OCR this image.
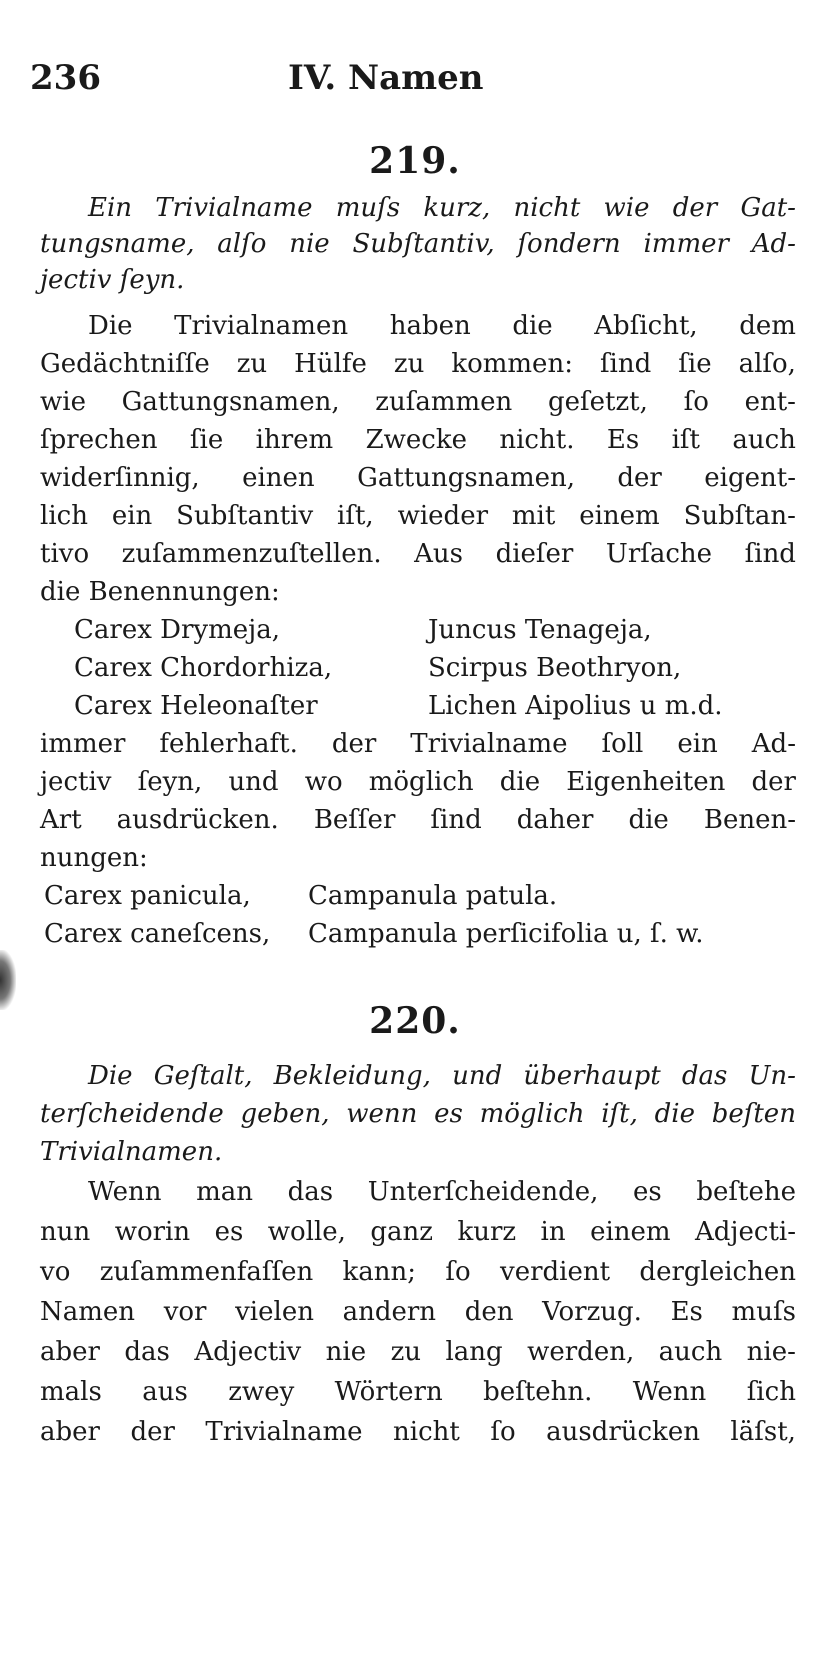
236	IV. Namen
219.
Ein Trivialname muſs kurz, nicht wie der Gat-
tungsname, alſo nie Subſtantiv, ſondern immer Ad-
jectiv ſeyn.
Die Trivialnamen haben die Abſicht, dem
Gedächtniſſe zu Hülfe zu kommen: ſind ſie alſo,
wie Gattungsnamen, zuſammen geſetzt, ſo ent-
ſprechen ſie ihrem Zwecke nicht. Es iſt auch
widerſinnig, einen Gattungsnamen, der eigent-
lich ein Subſtantiv iſt, wieder mit einem Subſtan-
tivo zuſammenzuſtellen. Aus dieſer Urſache ſind
die Benennungen:
Carex Drymeja,	Juncus Tenageja,
Carex Chordorhiza,	Scirpus Beothryon,
Carex Heleonaſter	Lichen Aipolius u m.d.
immer fehlerhaft. der Trivialname ſoll ein Ad-
jectiv ſeyn, und wo möglich die Eigenheiten der
Art ausdrücken. Beſſer ſind daher die Benen-
nungen:
Carex panicula, Campanula patula.
Carex caneſcens, Campanula perſicifolia u, ſ. w.
220.
Die Geſtalt, Bekleidung, und überhaupt das Un-
terſcheidende geben, wenn es möglich iſt, die beſten
Trivialnamen.
Wenn man das Unterſcheidende, es beſtehe
nun worin es wolle, ganz kurz in einem Adjecti-
vo zuſammenfaſſen kann; ſo verdient dergleichen
Namen vor vielen andern den Vorzug. Es muſs
aber das Adjectiv nie zu lang werden, auch nie-
mals aus zwey Wörtern beſtehn. Wenn ſich
aber der Trivialname nicht ſo ausdrücken läſst,
